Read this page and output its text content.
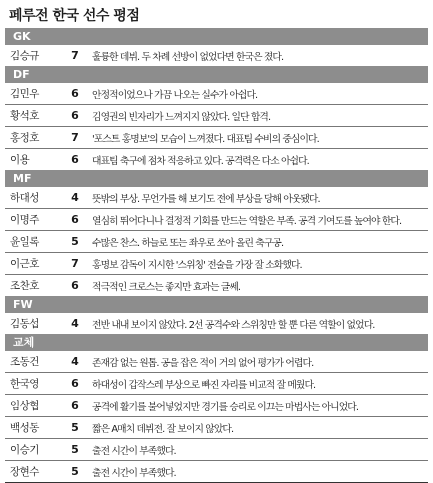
페루전 한국 선수 평점
GK
김승규	7	훌륭한 데뷔. 두 차례 선방이 없었다면 한국은 졌다.
DF
김민우	6	안정적이었으나 가끔 나오는 실수가 아쉽다.
황석호	6	김영권의 빈자리가 느껴지지 않았다. 일단 합격.
홍정호	7	'포스트 홍명보'의 모습이 느껴졌다. 대표팀 수비의 중심이다.
이용	6	대표팀 축구에 점차 적응하고 있다. 공격력은 다소 아쉽다.
MF
하대성	4	뜻밖의 부상. 무언가를 해 보기도 전에 부상을 당해 아웃됐다.
이명주	6	열심히 뛰어다니나 결정적 기회를 만드는 역할은 부족. 공격 기여도를 높여야 한다.
윤일록	5	수많은 찬스. 하늘로 또는 좌우로 쏘아 올린 축구공.
이근호	7	홍명보 감독이 지시한 '스위칭' 전술을 가장 잘 소화했다.
조찬호	6	적극적인 크로스는 좋지만 효과는 글쎄.
FW
김동섭	4	전반 내내 보이지 않았다. 2선 공격수와 스위칭만 할 뿐 다른 역할이 없었다.
교체
조동건	4	존재감 없는 원톱. 공을 잡은 적이 거의 없어 평가가 어렵다.
한국영	6	하대성이 갑작스레 부상으로 빠진 자리를 비교적 잘 메웠다.
임상협	6	공격에 활기를 불어넣었지만 경기를 승리로 이끄는 마법사는 아니었다.
백성동	5	짧은 A매치 데뷔전. 잘 보이지 않았다.
이승기	5	출전 시간이 부족했다.
장현수	5	출전 시간이 부족했다.
